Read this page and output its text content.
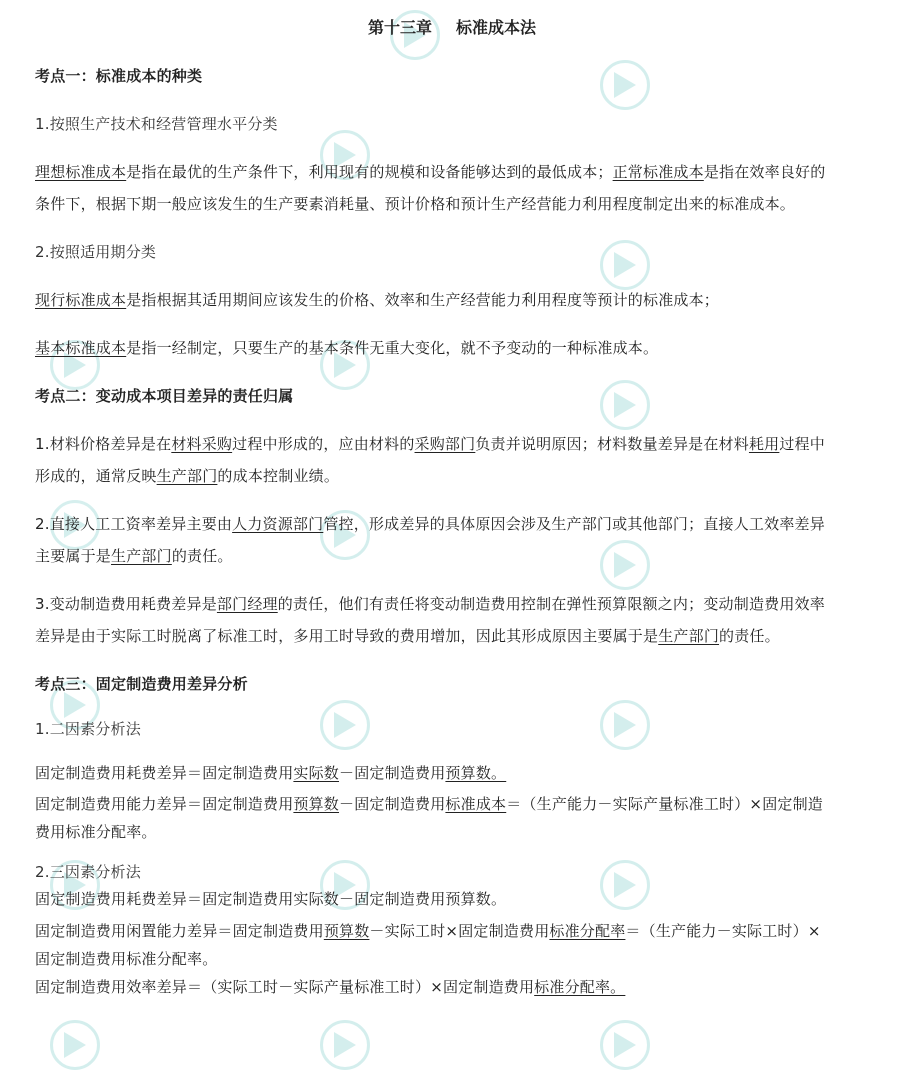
第十三章 标准成本法
考点一：标准成本的种类
1.按照生产技术和经营管理水平分类
理想标准成本是指在最优的生产条件下，利用现有的规模和设备能够达到的最低成本；正常标准成本是指在效率良好的
条件下，根据下期一般应该发生的生产要素消耗量、预计价格和预计生产经营能力利用程度制定出来的标准成本。
2.按照适用期分类
现行标准成本是指根据其适用期间应该发生的价格、效率和生产经营能力利用程度等预计的标准成本；
基本标准成本是指一经制定，只要生产的基本条件无重大变化，就不予变动的一种标准成本。
考点二：变动成本项目差异的责任归属
1.材料价格差异是在材料采购过程中形成的，应由材料的采购部门负责并说明原因；材料数量差异是在材料耗用过程中
形成的，通常反映生产部门的成本控制业绩。
2.直接人工工资率差异主要由人力资源部门管控，形成差异的具体原因会涉及生产部门或其他部门；直接人工效率差异
主要属于是生产部门的责任。
3.变动制造费用耗费差异是部门经理的责任，他们有责任将变动制造费用控制在弹性预算限额之内；变动制造费用效率
差异是由于实际工时脱离了标准工时，多用工时导致的费用增加，因此其形成原因主要属于是生产部门的责任。
考点三：固定制造费用差异分析
1.二因素分析法
固定制造费用耗费差异＝固定制造费用实际数－固定制造费用预算数。
固定制造费用能力差异＝固定制造费用预算数－固定制造费用标准成本＝（生产能力－实际产量标准工时）×固定制造
费用标准分配率。
2.三因素分析法
固定制造费用耗费差异＝固定制造费用实际数－固定制造费用预算数。
固定制造费用闲置能力差异＝固定制造费用预算数－实际工时×固定制造费用标准分配率＝（生产能力－实际工时）×
固定制造费用标准分配率。
固定制造费用效率差异＝（实际工时－实际产量标准工时）×固定制造费用标准分配率。
